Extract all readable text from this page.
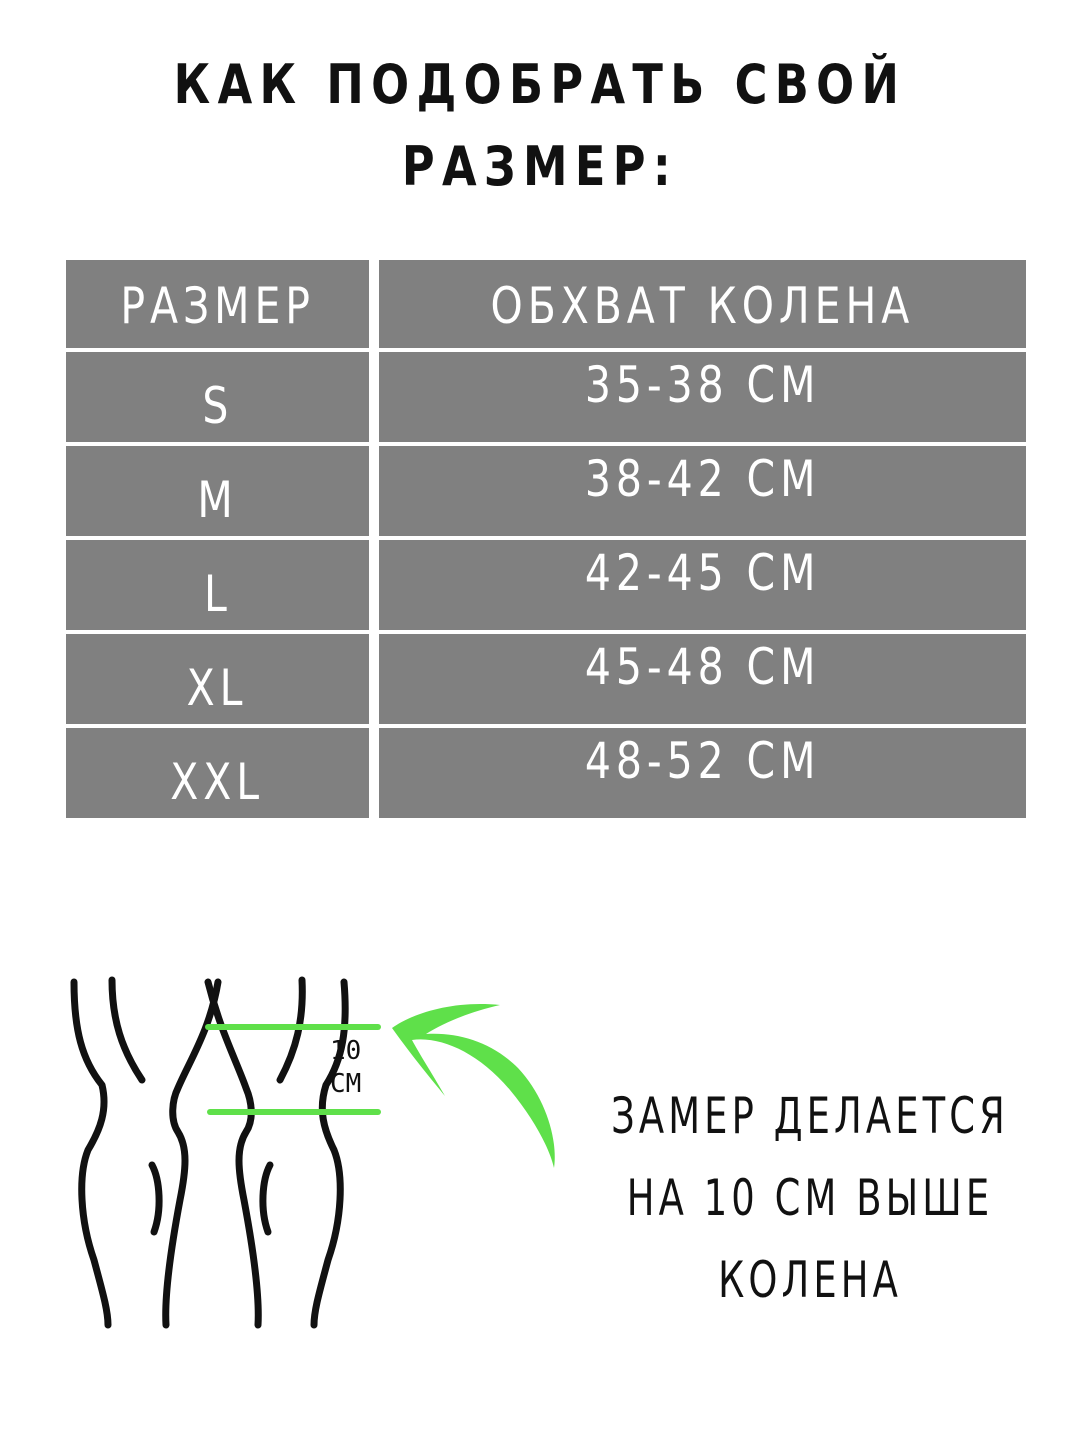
КАК ПОДОБРАТЬ СВОЙ
РАЗМЕР:
РАЗМЕР	ОБХВАТ КОЛЕНА
S	35-38 СМ
M	38-42 СМ
L	42-45 СМ
XL	45-48 СМ
XXL	48-52 СМ
10
СМ
ЗАМЕР ДЕЛАЕТСЯ
НА 10 СМ ВЫШЕ
КОЛЕНА
